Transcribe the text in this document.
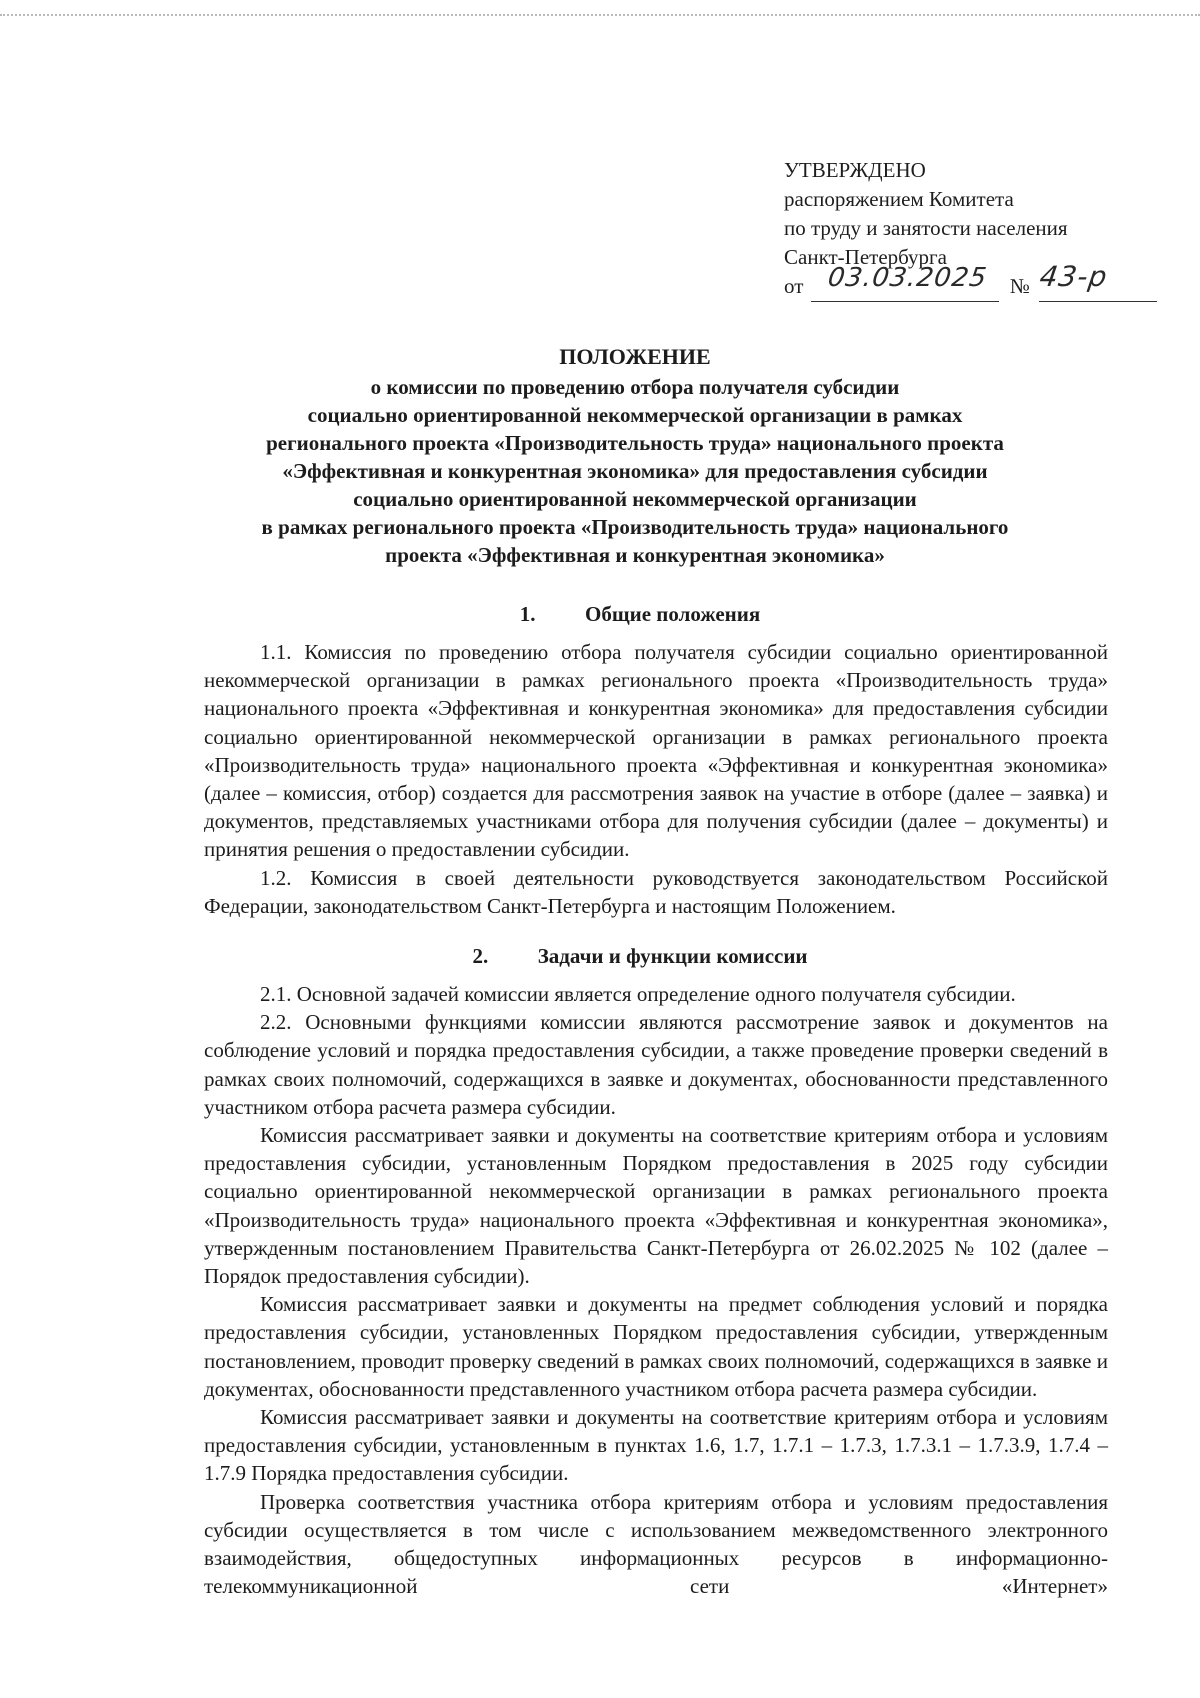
УТВЕРЖДЕНО
распоряжением Комитета
по труду и занятости населения
Санкт-Петербурга
от 03.03.2025 № 43-р
ПОЛОЖЕНИЕ
о комиссии по проведению отбора получателя субсидии
социально ориентированной некоммерческой организации в рамках
регионального проекта «Производительность труда» национального проекта
«Эффективная и конкурентная экономика» для предоставления субсидии
социально ориентированной некоммерческой организации
в рамках регионального проекта «Производительность труда» национального
проекта «Эффективная и конкурентная экономика»
1. Общие положения

1.1. Комиссия по проведению отбора получателя субсидии социально ориентированной некоммерческой организации в рамках регионального проекта «Производительность труда» национального проекта «Эффективная и конкурентная экономика» для предоставления субсидии социально ориентированной некоммерческой организации в рамках регионального проекта «Производительность труда» национального проекта «Эффективная и конкурентная экономика» (далее – комиссия, отбор) создается для рассмотрения заявок на участие в отборе (далее – заявка) и документов, представляемых участниками отбора для получения субсидии (далее – документы) и принятия решения о предоставлении субсидии.

1.2. Комиссия в своей деятельности руководствуется законодательством Российской Федерации, законодательством Санкт-Петербурга и настоящим Положением.

2. Задачи и функции комиссии

2.1. Основной задачей комиссии является определение одного получателя субсидии.

2.2. Основными функциями комиссии являются рассмотрение заявок и документов на соблюдение условий и порядка предоставления субсидии, а также проведение проверки сведений в рамках своих полномочий, содержащихся в заявке и документах, обоснованности представленного участником отбора расчета размера субсидии.

Комиссия рассматривает заявки и документы на соответствие критериям отбора и условиям предоставления субсидии, установленным Порядком предоставления в 2025 году субсидии социально ориентированной некоммерческой организации в рамках регионального проекта «Производительность труда» национального проекта «Эффективная и конкурентная экономика», утвержденным постановлением Правительства Санкт-Петербурга от 26.02.2025 № 102 (далее – Порядок предоставления субсидии).

Комиссия рассматривает заявки и документы на предмет соблюдения условий и порядка предоставления субсидии, установленных Порядком предоставления субсидии, утвержденным постановлением, проводит проверку сведений в рамках своих полномочий, содержащихся в заявке и документах, обоснованности представленного участником отбора расчета размера субсидии.

Комиссия рассматривает заявки и документы на соответствие критериям отбора и условиям предоставления субсидии, установленным в пунктах 1.6, 1.7, 1.7.1 – 1.7.3, 1.7.3.1 – 1.7.3.9, 1.7.4 – 1.7.9 Порядка предоставления субсидии.

Проверка соответствия участника отбора критериям отбора и условиям предоставления субсидии осуществляется в том числе с использованием межведомственного электронного взаимодействия, общедоступных информационных ресурсов в информационно-телекоммуникационной сети «Интернет»
